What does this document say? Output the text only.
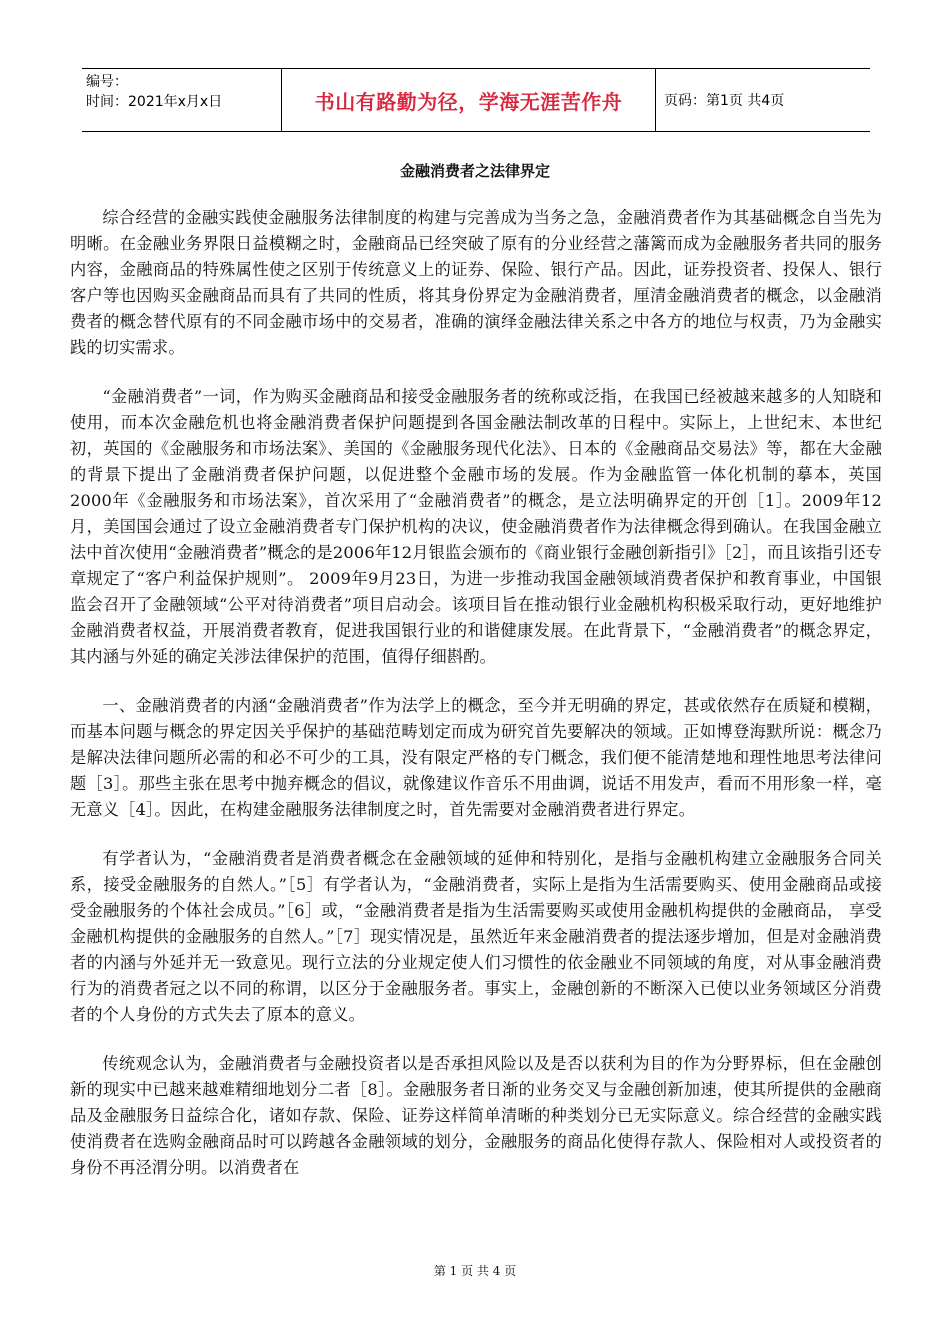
编号：
时间：2021年x月x日	书山有路勤为径，学海无涯苦作舟	页码：第1页 共4页
金融消费者之法律界定

综合经营的金融实践使金融服务法律制度的构建与完善成为当务之急，金融消费者作为其基础概念自当先为明晰。在金融业务界限日益模糊之时，金融商品已经突破了原有的分业经营之藩篱而成为金融服务者共同的服务内容，金融商品的特殊属性使之区别于传统意义上的证券、保险、银行产品。因此，证券投资者、投保人、银行客户等也因购买金融商品而具有了共同的性质，将其身份界定为金融消费者，厘清金融消费者的概念，以金融消费者的概念替代原有的不同金融市场中的交易者，准确的演绎金融法律关系之中各方的地位与权责，乃为金融实践的切实需求。

“金融消费者”一词，作为购买金融商品和接受金融服务者的统称或泛指，在我国已经被越来越多的人知晓和使用，而本次金融危机也将金融消费者保护问题提到各国金融法制改革的日程中。实际上，上世纪末、本世纪初，英国的《金融服务和市场法案》、美国的《金融服务现代化法》、日本的《金融商品交易法》等，都在大金融的背景下提出了金融消费者保护问题，以促进整个金融市场的发展。作为金融监管一体化机制的摹本，英国2000年《金融服务和市场法案》，首次采用了“金融消费者”的概念，是立法明确界定的开创［1］。2009年12月，美国国会通过了设立金融消费者专门保护机构的决议，使金融消费者作为法律概念得到确认。在我国金融立法中首次使用“金融消费者”概念的是2006年12月银监会颁布的《商业银行金融创新指引》［2］，而且该指引还专章规定了“客户利益保护规则”。 2009年9月23日，为进一步推动我国金融领域消费者保护和教育事业，中国银监会召开了金融领域“公平对待消费者”项目启动会。该项目旨在推动银行业金融机构积极采取行动，更好地维护金融消费者权益，开展消费者教育，促进我国银行业的和谐健康发展。在此背景下，“金融消费者”的概念界定，其内涵与外延的确定关涉法律保护的范围，值得仔细斟酌。

一、金融消费者的内涵“金融消费者”作为法学上的概念，至今并无明确的界定，甚或依然存在质疑和模糊，而基本问题与概念的界定因关乎保护的基础范畴划定而成为研究首先要解决的领域。正如博登海默所说：概念乃是解决法律问题所必需的和必不可少的工具，没有限定严格的专门概念，我们便不能清楚地和理性地思考法律问题［3］。那些主张在思考中抛弃概念的倡议，就像建议作音乐不用曲调，说话不用发声，看而不用形象一样，毫无意义［4］。因此，在构建金融服务法律制度之时，首先需要对金融消费者进行界定。

有学者认为，“金融消费者是消费者概念在金融领域的延伸和特别化，是指与金融机构建立金融服务合同关系，接受金融服务的自然人。”［5］有学者认为，“金融消费者，实际上是指为生活需要购买、使用金融商品或接受金融服务的个体社会成员。”［6］或，“金融消费者是指为生活需要购买或使用金融机构提供的金融商品， 享受金融机构提供的金融服务的自然人。”［7］现实情况是，虽然近年来金融消费者的提法逐步增加，但是对金融消费者的内涵与外延并无一致意见。现行立法的分业规定使人们习惯性的依金融业不同领域的角度，对从事金融消费行为的消费者冠之以不同的称谓，以区分于金融服务者。事实上，金融创新的不断深入已使以业务领域区分消费者的个人身份的方式失去了原本的意义。

传统观念认为，金融消费者与金融投资者以是否承担风险以及是否以获利为目的作为分野界标，但在金融创新的现实中已越来越难精细地划分二者［8］。金融服务者日渐的业务交叉与金融创新加速，使其所提供的金融商品及金融服务日益综合化，诸如存款、保险、证券这样简单清晰的种类划分已无实际意义。综合经营的金融实践使消费者在选购金融商品时可以跨越各金融领域的划分，金融服务的商品化使得存款人、保险相对人或投资者的身份不再泾渭分明。以消费者在

第 1 页 共 4 页
